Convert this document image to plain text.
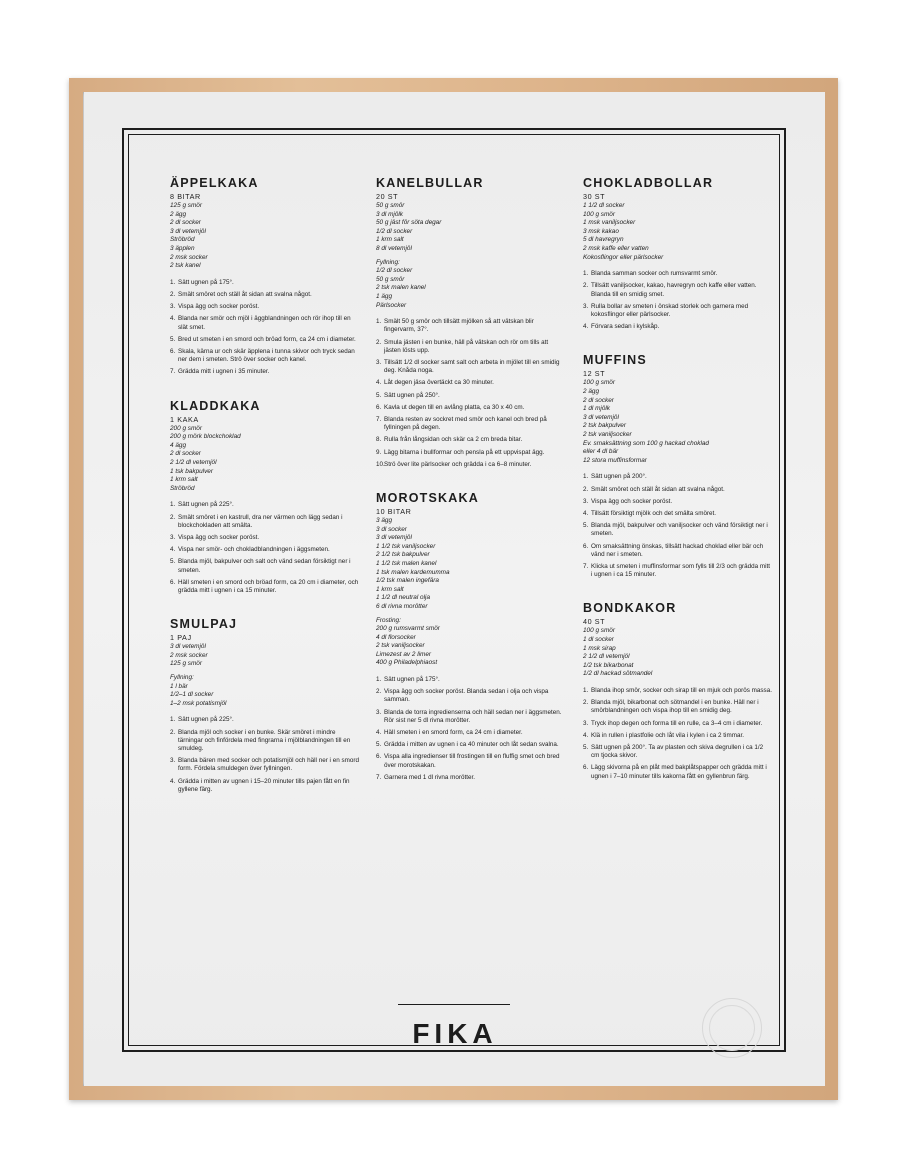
ÄPPELKAKA
8 BITAR
125 g smör
2 ägg
2 dl socker
3 dl vetemjöl
Ströbröd
3 äpplen
2 msk socker
2 tsk kanel
1. Sätt ugnen på 175°.
2. Smält smöret och ställ åt sidan att svalna något.
3. Vispa ägg och socker poröst.
4. Blanda ner smör och mjöl i äggblandningen och rör ihop till en slät smet.
5. Bred ut smeten i en smord och bröad form, ca 24 cm i diameter.
6. Skala, kärna ur och skär äpplena i tunna skivor och tryck sedan ner dem i smeten. Strö över socker och kanel.
7. Grädda mitt i ugnen i 35 minuter.
KLADDKAKA
1 KAKA
200 g smör
200 g mörk blockchoklad
4 ägg
2 dl socker
2 1/2 dl vetemjöl
1 tsk bakpulver
1 krm salt
Ströbröd
1. Sätt ugnen på 225°.
2. Smält smöret i en kastrull, dra ner värmen och lägg sedan i blockchokladen att smälta.
3. Vispa ägg och socker poröst.
4. Vispa ner smör- och chokladblandningen i äggsmeten.
5. Blanda mjöl, bakpulver och salt och vänd sedan försiktigt ner i smeten.
6. Häll smeten i en smord och bröad form, ca 20 cm i diameter, och grädda mitt i ugnen i ca 15 minuter.
SMULPAJ
1 PAJ
3 dl vetemjöl
2 msk socker
125 g smör
Fyllning:
1 l bär
1/2–1 dl socker
1–2 msk potatismjöl
1. Sätt ugnen på 225°.
2. Blanda mjöl och socker i en bunke. Skär smöret i mindre tärningar och finfördela med fingrarna i mjölblandningen till en smuldeg.
3. Blanda bären med socker och potatismjöl och häll ner i en smord form. Fördela smuldegen över fyllningen.
4. Grädda i mitten av ugnen i 15–20 minuter tills pajen fått en fin gyllene färg.
KANELBULLAR
20 ST
50 g smör
3 dl mjölk
50 g jäst för söta degar
1/2 dl socker
1 krm salt
8 dl vetemjöl
Fyllning:
1/2 dl socker
50 g smör
2 tsk malen kanel
1 ägg
Pärlsocker
1. Smält 50 g smör och tillsätt mjölken så att vätskan blir fingervarm, 37°.
2. Smula jästen i en bunke, häll på vätskan och rör om tills att jästen lösts upp.
3. Tillsätt 1/2 dl socker samt salt och arbeta in mjölet till en smidig deg. Knåda noga.
4. Låt degen jäsa övertäckt ca 30 minuter.
5. Sätt ugnen på 250°.
6. Kavla ut degen till en avlång platta, ca 30 x 40 cm.
7. Blanda resten av sockret med smör och kanel och bred på fyllningen på degen.
8. Rulla från långsidan och skär ca 2 cm breda bitar.
9. Lägg bitarna i bullformar och pensla på ett uppvispat ägg.
10. Strö över lite pärlsocker och grädda i ca 6–8 minuter.
MOROTSKAKA
10 BITAR
3 ägg
3 dl socker
3 dl vetemjöl
1 1/2 tsk vaniljsocker
2 1/2 tsk bakpulver
1 1/2 tsk malen kanel
1 tsk malen kardemumma
1/2 tsk malen ingefära
1 krm salt
1 1/2 dl neutral olja
6 dl rivna morötter
Frosting:
200 g rumsvarmt smör
4 dl florsocker
2 tsk vaniljsocker
Limezest av 2 limer
400 g Philadelphiaost
1. Sätt ugnen på 175°.
2. Vispa ägg och socker poröst. Blanda sedan i olja och vispa samman.
3. Blanda de torra ingredienserna och häll sedan ner i äggsmeten. Rör sist ner 5 dl rivna morötter.
4. Häll smeten i en smord form, ca 24 cm i diameter.
5. Grädda i mitten av ugnen i ca 40 minuter och låt sedan svalna.
6. Vispa alla ingredienser till frostingen till en fluffig smet och bred över morotskakan.
7. Garnera med 1 dl rivna morötter.
CHOKLADBOLLAR
30 ST
1 1/2 dl socker
100 g smör
1 msk vaniljsocker
3 msk kakao
5 dl havregryn
2 msk kaffe eller vatten
Kokosflingor eller pärlsocker
1. Blanda samman socker och rumsvarmt smör.
2. Tillsätt vaniljsocker, kakao, havregryn och kaffe eller vatten. Blanda till en smidig smet.
3. Rulla bollar av smeten i önskad storlek och garnera med kokosflingor eller pärlsocker.
4. Förvara sedan i kylskåp.
MUFFINS
12 ST
100 g smör
2 ägg
2 dl socker
1 dl mjölk
3 dl vetemjöl
2 tsk bakpulver
2 tsk vaniljsocker
Ev. smaksättning som 100 g hackad choklad
eller 4 dl bär
12 stora muffinsformar
1. Sätt ugnen på 200°.
2. Smält smöret och ställ åt sidan att svalna något.
3. Vispa ägg och socker poröst.
4. Tillsätt försiktigt mjölk och det smälta smöret.
5. Blanda mjöl, bakpulver och vaniljsocker och vänd försiktigt ner i smeten.
6. Om smaksättning önskas, tillsätt hackad choklad eller bär och vänd ner i smeten.
7. Klicka ut smeten i muffinsformar som fylls till 2/3 och grädda mitt i ugnen i ca 15 minuter.
BONDKAKOR
40 ST
100 g smör
1 dl socker
1 msk sirap
2 1/2 dl vetemjöl
1/2 tsk bikarbonat
1/2 dl hackad sötmandel
1. Blanda ihop smör, socker och sirap till en mjuk och porös massa.
2. Blanda mjöl, bikarbonat och sötmandel i en bunke. Häll ner i smörblandningen och vispa ihop till en smidig deg.
3. Tryck ihop degen och forma till en rulle, ca 3–4 cm i diameter.
4. Klä in rullen i plastfolie och låt vila i kylen i ca 2 timmar.
5. Sätt ugnen på 200°. Ta av plasten och skiva degrullen i ca 1/2 cm tjocka skivor.
6. Lägg skivorna på en plåt med bakplåtspapper och grädda mitt i ugnen i 7–10 minuter tills kakorna fått en gyllenbrun färg.
FIKA
